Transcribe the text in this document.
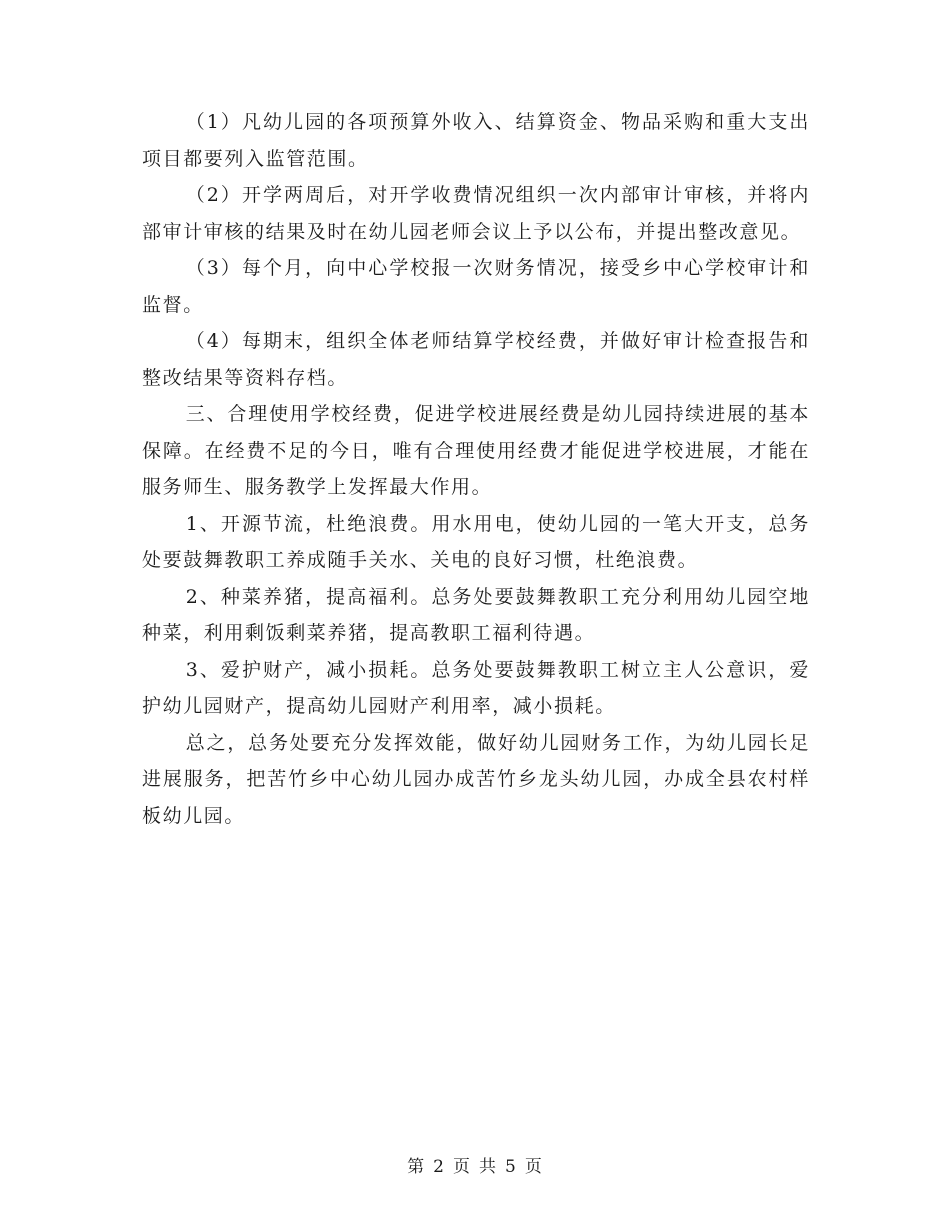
（1）凡幼儿园的各项预算外收入、结算资金、物品采购和重大支出项目都要列入监管范围。

（2）开学两周后，对开学收费情况组织一次内部审计审核，并将内部审计审核的结果及时在幼儿园老师会议上予以公布，并提出整改意见。

（3）每个月，向中心学校报一次财务情况，接受乡中心学校审计和监督。

（4）每期末，组织全体老师结算学校经费，并做好审计检查报告和整改结果等资料存档。

三、合理使用学校经费，促进学校进展经费是幼儿园持续进展的基本保障。在经费不足的今日，唯有合理使用经费才能促进学校进展，才能在服务师生、服务教学上发挥最大作用。

1、开源节流，杜绝浪费。用水用电，使幼儿园的一笔大开支，总务处要鼓舞教职工养成随手关水、关电的良好习惯，杜绝浪费。

2、种菜养猪，提高福利。总务处要鼓舞教职工充分利用幼儿园空地种菜，利用剩饭剩菜养猪，提高教职工福利待遇。

3、爱护财产，减小损耗。总务处要鼓舞教职工树立主人公意识，爱护幼儿园财产，提高幼儿园财产利用率，减小损耗。

总之，总务处要充分发挥效能，做好幼儿园财务工作，为幼儿园长足进展服务，把苦竹乡中心幼儿园办成苦竹乡龙头幼儿园，办成全县农村样板幼儿园。

第 2 页 共 5 页
